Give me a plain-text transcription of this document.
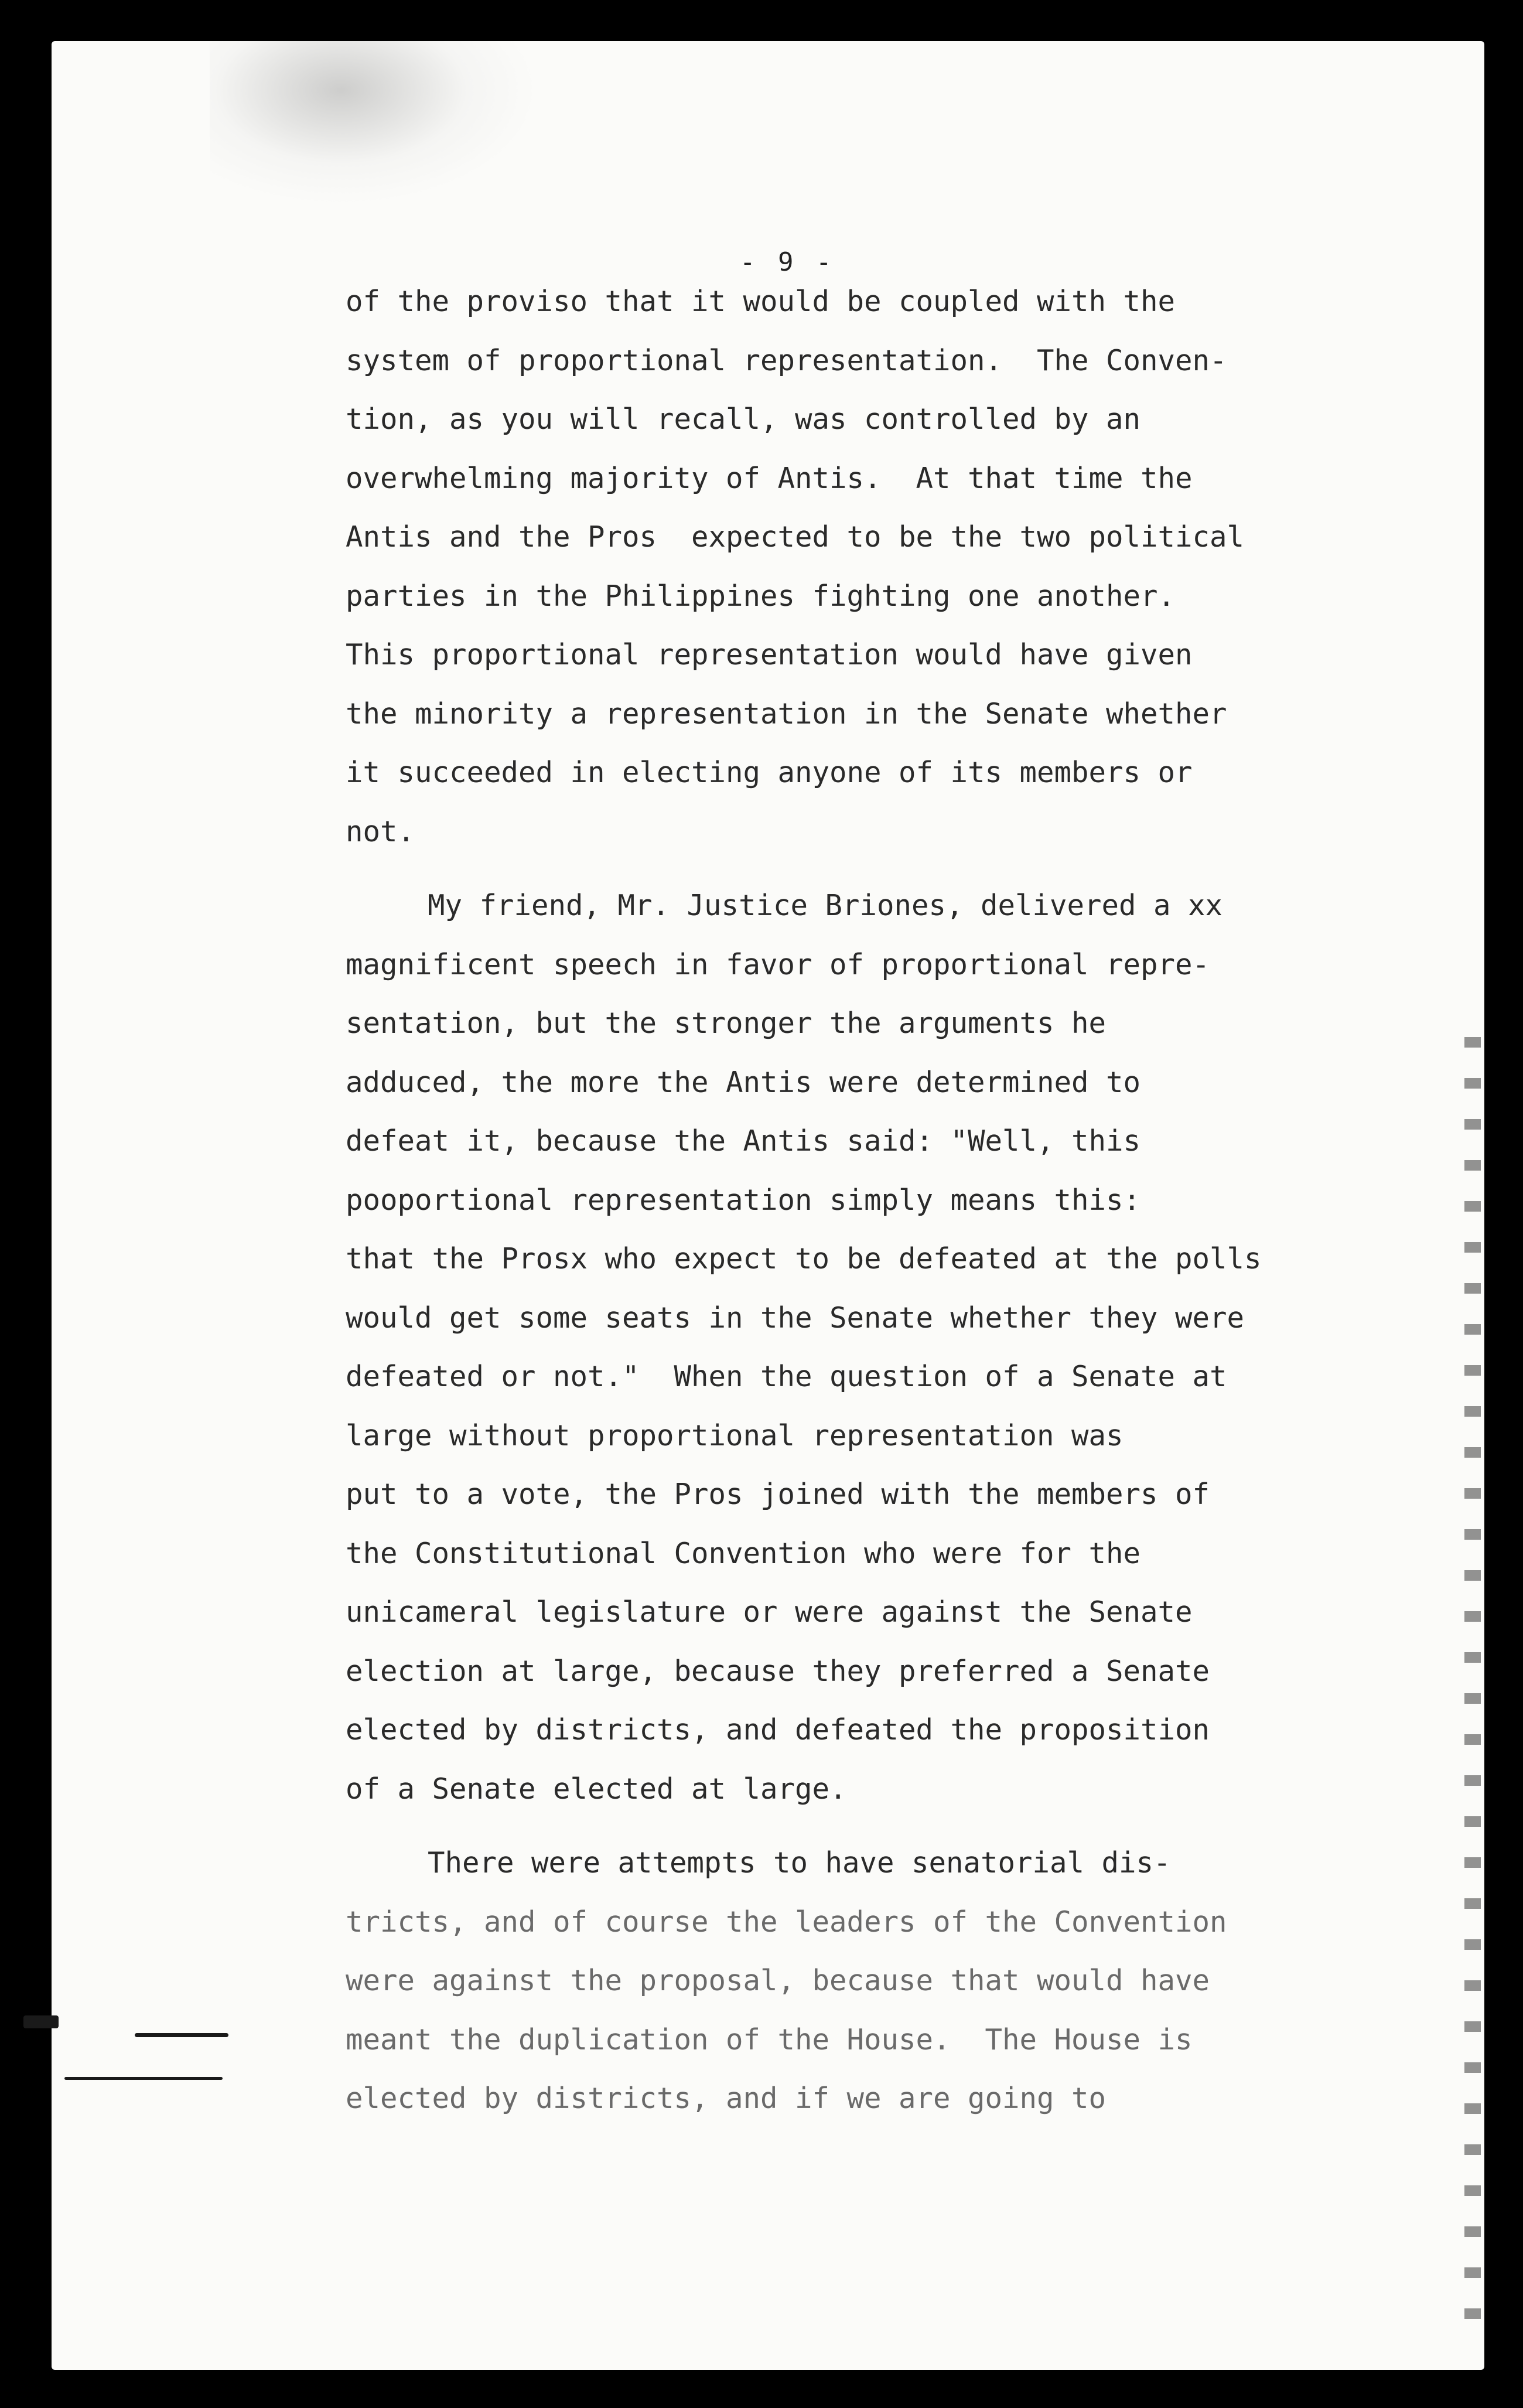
- 9 -
of the proviso that it would be coupled with the
system of proportional representation.  The Conven-
tion, as you will recall, was controlled by an
overwhelming majority of Antis.  At that time the
Antis and the Pros  expected to be the two political
parties in the Philippines fighting one another.
This proportional representation would have given
the minority a representation in the Senate whether
it succeeded in electing anyone of its members or
not.
My friend, Mr. Justice Briones, delivered a xx
magnificent speech in favor of proportional repre-
sentation, but the stronger the arguments he
adduced, the more the Antis were determined to
defeat it, because the Antis said: "Well, this
pooportional representation simply means this:
that the Prosx who expect to be defeated at the polls
would get some seats in the Senate whether they were
defeated or not."  When the question of a Senate at
large without proportional representation was
put to a vote, the Pros joined with the members of
the Constitutional Convention who were for the
unicameral legislature or were against the Senate
election at large, because they preferred a Senate
elected by districts, and defeated the proposition
of a Senate elected at large.
There were attempts to have senatorial dis-
tricts, and of course the leaders of the Convention
were against the proposal, because that would have
meant the duplication of the House.  The House is
elected by districts, and if we are going to
